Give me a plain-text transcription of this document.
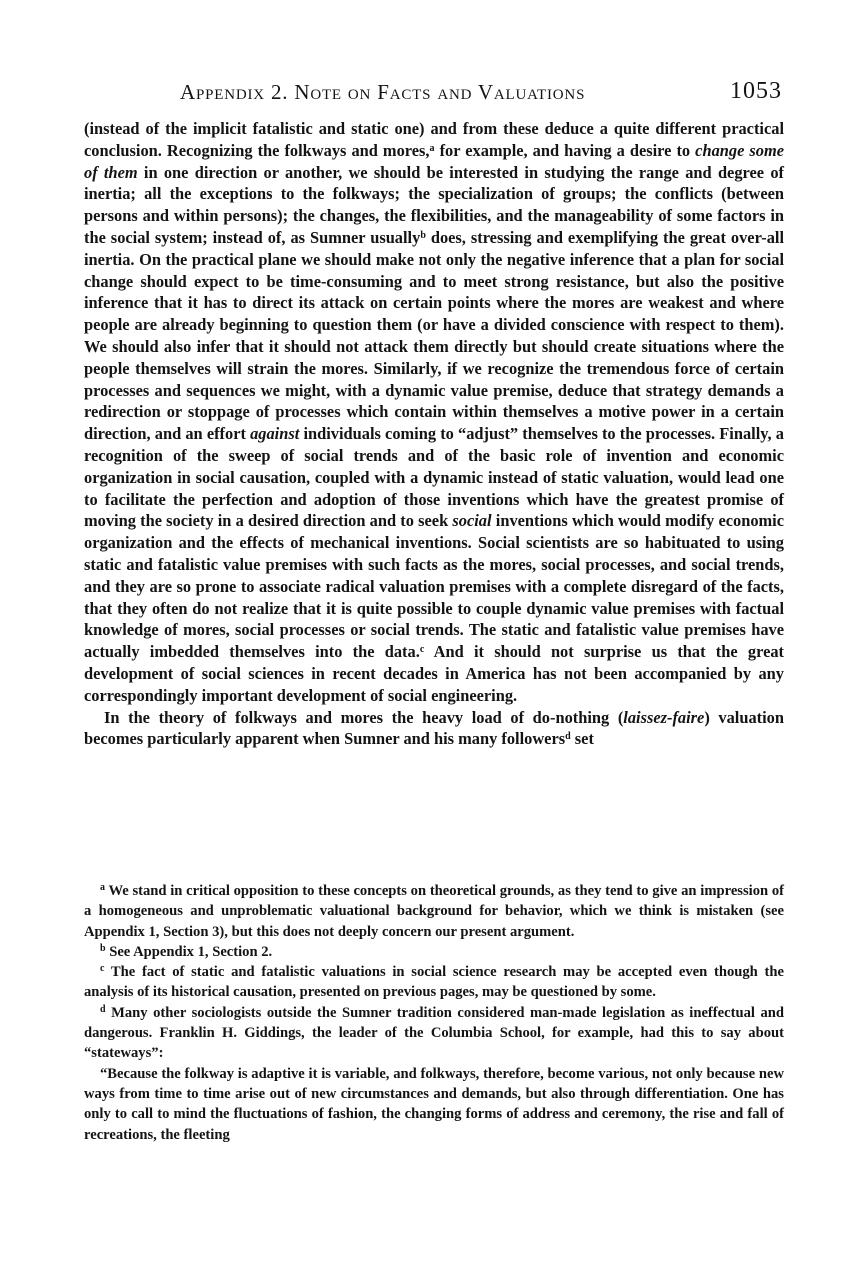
Appendix 2. Note on Facts and Valuations	1053

(instead of the implicit fatalistic and static one) and from these deduce a quite different practical conclusion. Recognizing the folkways and mores,$^a$ for example, and having a desire to change some of them in one direction or another, we should be interested in studying the range and degree of inertia; all the exceptions to the folkways; the specialization of groups; the conflicts (between persons and within persons); the changes, the flexibilities, and the manageability of some factors in the social system; instead of, as Sumner usually$^b$ does, stressing and exemplifying the great over-all inertia. On the practical plane we should make not only the negative inference that a plan for social change should expect to be time-consuming and to meet strong resistance, but also the positive inference that it has to direct its attack on certain points where the mores are weakest and where people are already beginning to question them (or have a divided conscience with respect to them). We should also infer that it should not attack them directly but should create situations where the people themselves will strain the mores. Similarly, if we recognize the tremendous force of certain processes and sequences we might, with a dynamic value premise, deduce that strategy demands a redirection or stoppage of processes which contain within themselves a motive power in a certain direction, and an effort against individuals coming to “adjust” themselves to the processes. Finally, a recognition of the sweep of social trends and of the basic role of invention and economic organization in social causation, coupled with a dynamic instead of static valuation, would lead one to facilitate the perfection and adoption of those inventions which have the greatest promise of moving the society in a desired direction and to seek social inventions which would modify economic organization and the effects of mechanical inventions. Social scientists are so habituated to using static and fatalistic value premises with such facts as the mores, social processes, and social trends, and they are so prone to associate radical valuation premises with a complete disregard of the facts, that they often do not realize that it is quite possible to couple dynamic value premises with factual knowledge of mores, social processes or social trends. The static and fatalistic value premises have actually imbedded themselves into the data.$^c$ And it should not surprise us that the great development of social sciences in recent decades in America has not been accompanied by any correspondingly important development of social engineering.

In the theory of folkways and mores the heavy load of do-nothing (laissez-faire) valuation becomes particularly apparent when Sumner and his many followers$^d$ set

$^a$ We stand in critical opposition to these concepts on theoretical grounds, as they tend to give an impression of a homogeneous and unproblematic valuational background for behavior, which we think is mistaken (see Appendix 1, Section 3), but this does not deeply concern our present argument.

$^b$ See Appendix 1, Section 2.

$^c$ The fact of static and fatalistic valuations in social science research may be accepted even though the analysis of its historical causation, presented on previous pages, may be questioned by some.

$^d$ Many other sociologists outside the Sumner tradition considered man-made legislation as ineffectual and dangerous. Franklin H. Giddings, the leader of the Columbia School, for example, had this to say about “stateways”:

“Because the folkway is adaptive it is variable, and folkways, therefore, become various, not only because new ways from time to time arise out of new circumstances and demands, but also through differentiation. One has only to call to mind the fluctuations of fashion, the changing forms of address and ceremony, the rise and fall of recreations, the fleeting
